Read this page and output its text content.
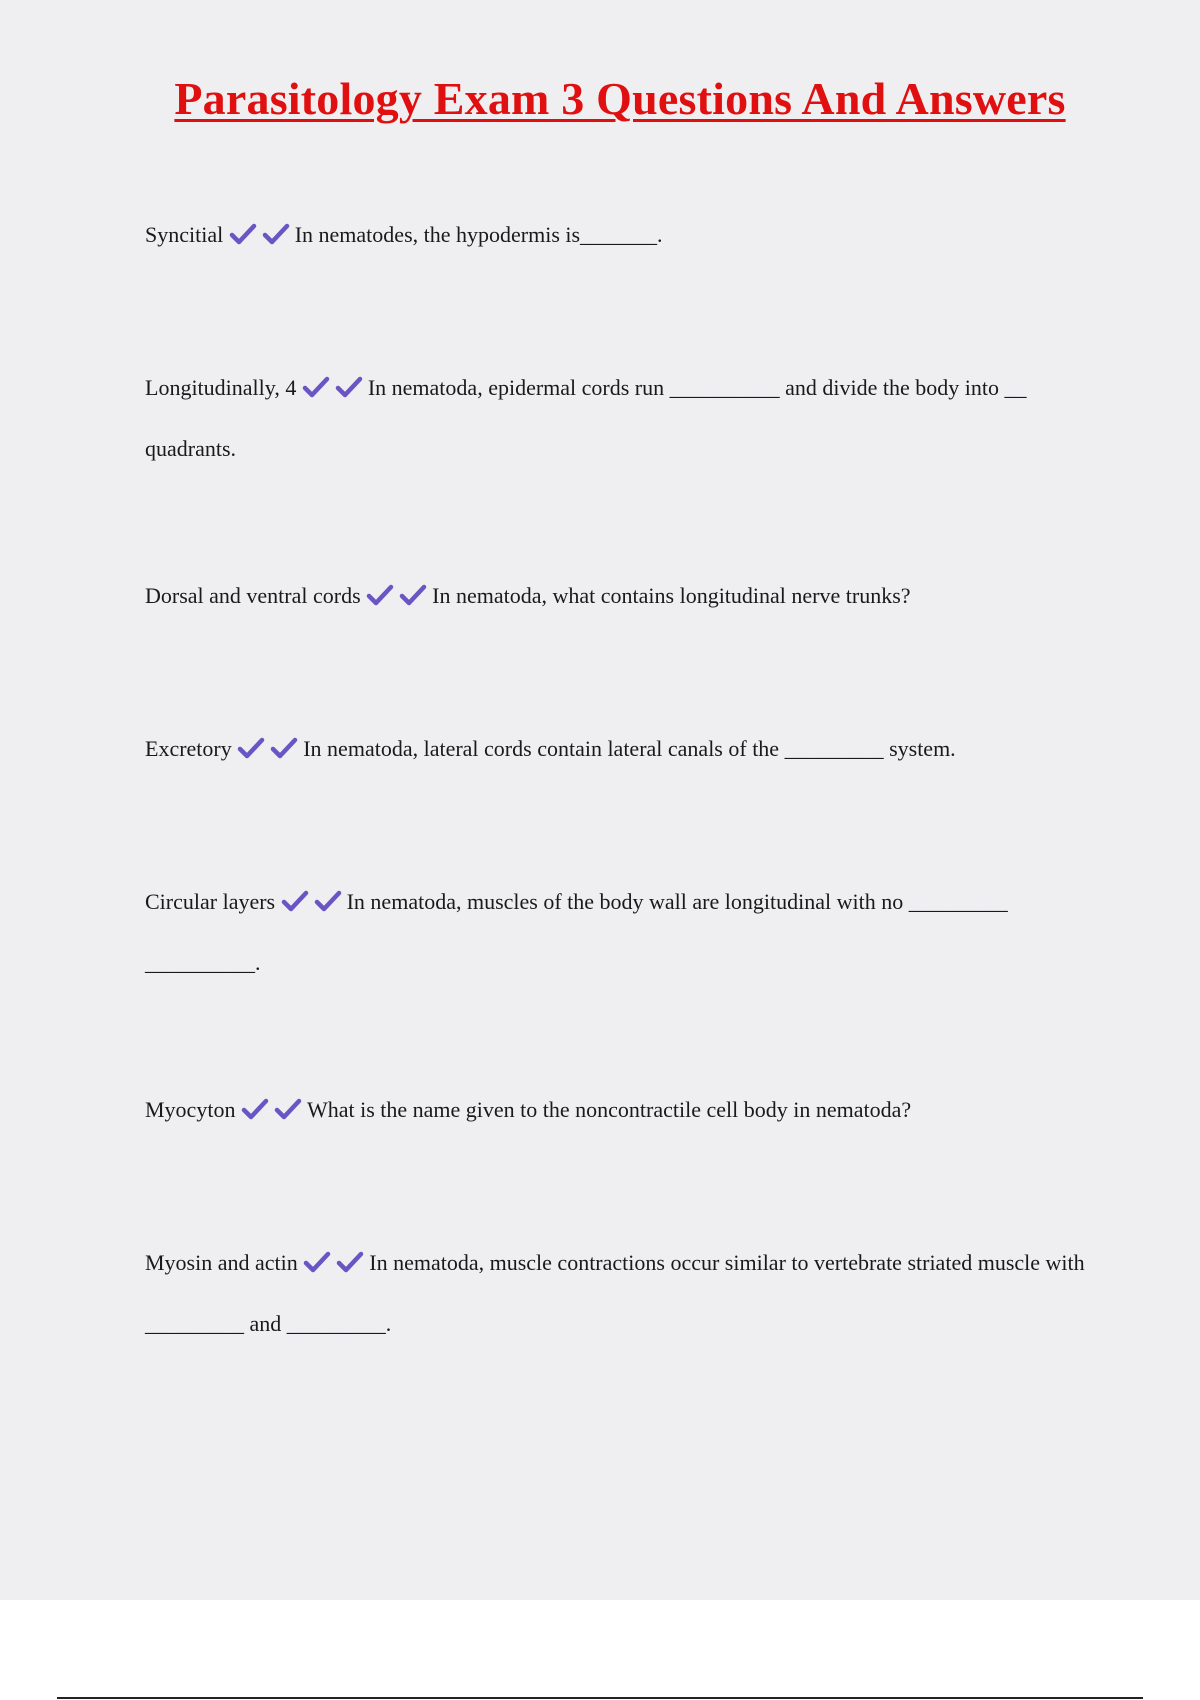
Parasitology Exam 3 Questions And Answers

Syncitial	In nematodes, the hypodermis is_______.

Longitudinally, 4	In nematoda, epidermal cords run __________ and divide the body into __ quadrants.

Dorsal and ventral cords	In nematoda, what contains longitudinal nerve trunks?

Excretory	In nematoda, lateral cords contain lateral canals of the _________ system.

Circular layers	In nematoda, muscles of the body wall are longitudinal with no _________ __________.

Myocyton	What is the name given to the noncontractile cell body in nematoda?

Myosin and actin	In nematoda, muscle contractions occur similar to vertebrate striated muscle with _________ and _________.
